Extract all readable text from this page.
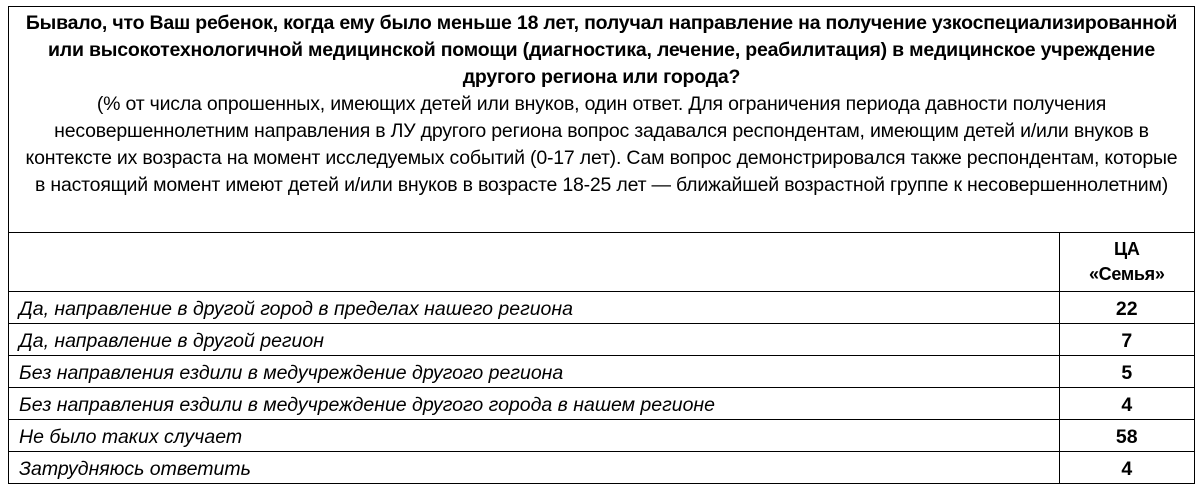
Бывало, что Ваш ребенок, когда ему было меньше 18 лет, получал направление на получение узкоспециализированной или высокотехнологичной медицинской помощи (диагностика, лечение, реабилитация) в медицинское учреждение другого региона или города?
(% от числа опрошенных, имеющих детей или внуков, один ответ. Для ограничения периода давности получения несовершеннолетним направления в ЛУ другого региона вопрос задавался респондентам, имеющим детей и/или внуков в контексте их возраста на момент исследуемых событий (0-17 лет). Сам вопрос демонстрировался также респондентам, которые в настоящий момент имеют детей и/или внуков в возрасте 18-25 лет — ближайшей возрастной группе к несовершеннолетним)

	ЦА
«Семья»

Да, направление в другой город в пределах нашего региона	22
Да, направление в другой регион	7
Без направления ездили в медучреждение другого региона	5
Без направления ездили в медучреждение другого города в нашем регионе	4
Не было таких случает	58
Затрудняюсь ответить	4
